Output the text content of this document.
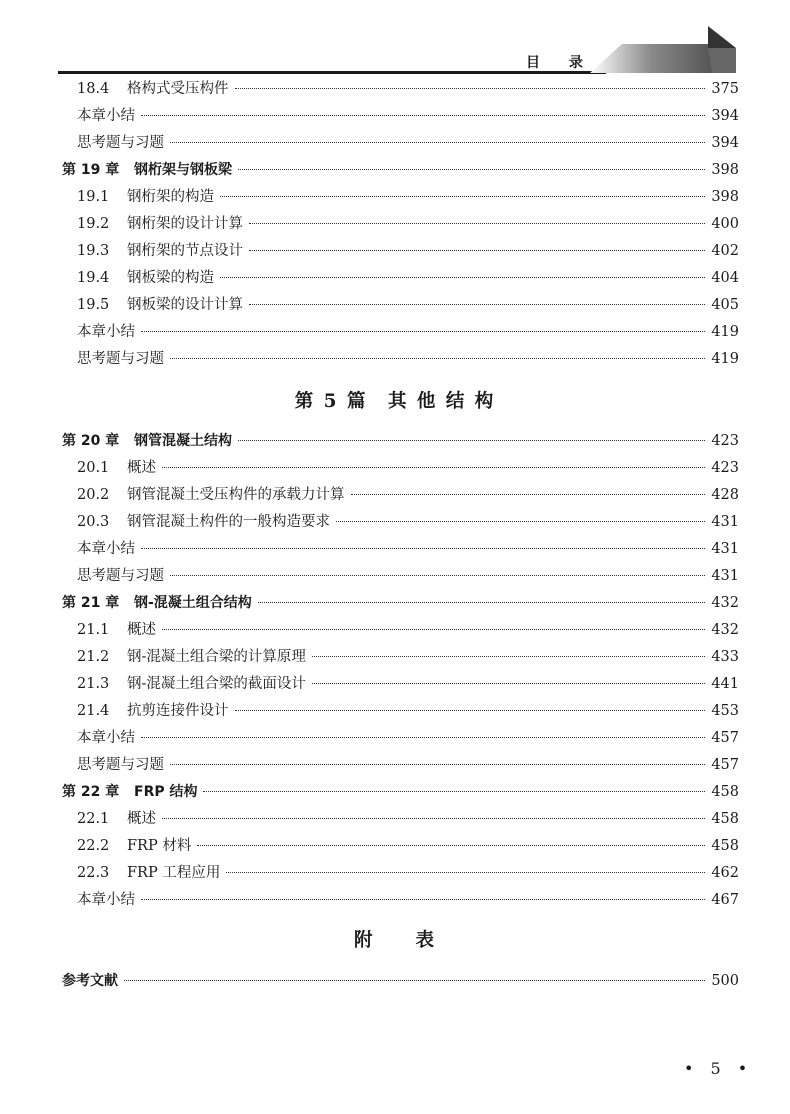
目 录
18.4	格构式受压构件	375
本章小结	394
思考题与习题	394
第 19 章	钢桁架与钢板梁	398
19.1	钢桁架的构造	398
19.2	钢桁架的设计计算	400
19.3	钢桁架的节点设计	402
19.4	钢板梁的构造	404
19.5	钢板梁的设计计算	405
本章小结	419
思考题与习题	419
第 20 章	钢管混凝土结构	423
20.1	概述	423
20.2	钢管混凝土受压构件的承载力计算	428
20.3	钢管混凝土构件的一般构造要求	431
本章小结	431
思考题与习题	431
第 21 章	钢-混凝土组合结构	432
21.1	概述	432
21.2	钢-混凝土组合梁的计算原理	433
21.3	钢-混凝土组合梁的截面设计	441
21.4	抗剪连接件设计	453
本章小结	457
思考题与习题	457
第 22 章	FRP 结构	458
22.1	概述	458
22.2	FRP 材料	458
22.3	FRP 工程应用	462
本章小结	467
参考文献	500
第 5 篇　其 他 结 构
附　　表
• 5 •
